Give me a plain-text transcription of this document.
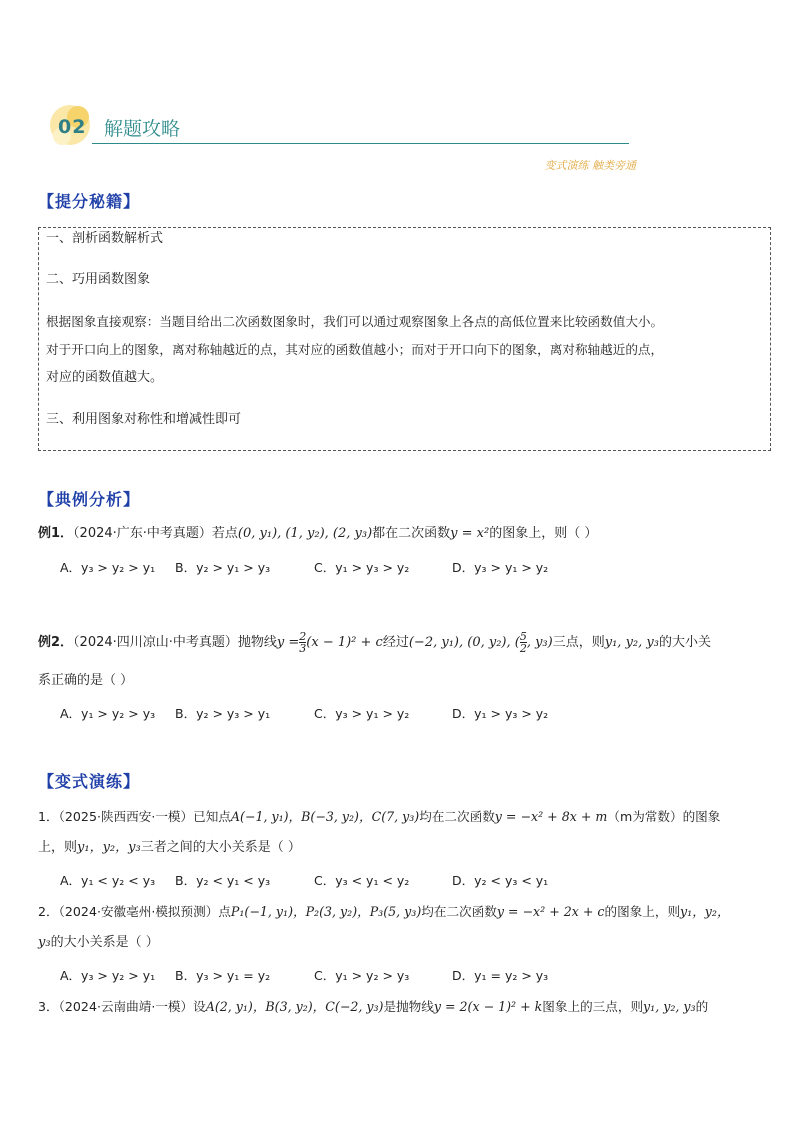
02 解题攻略
变式演练 触类旁通
【提分秘籍】
一、剖析函数解析式
二、巧用函数图象
根据图象直接观察：当题目给出二次函数图象时，我们可以通过观察图象上各点的高低位置来比较函数值大小。
对于开口向上的图象，离对称轴越近的点，其对应的函数值越小；而对于开口向下的图象，离对称轴越近的点，
对应的函数值越大。
三、利用图象对称性和增减性即可
【典例分析】
例1．（2024·广东·中考真题）若点(0, y₁), (1, y₂), (2, y₃)都在二次函数y = x²的图象上，则（ ）
A．y₃ > y₂ > y₁ B．y₂ > y₁ > y₃	C．y₁ > y₃ > y₂	D．y₃ > y₁ > y₂
例2．（2024·四川凉山·中考真题）抛物线$y = \frac{2}{3} (x - 1)^2 + c$经过(−2, y₁), (0, y₂), ( $\frac{5}{2}$ , y₃)三点，则y₁, y₂, y₃的大小关
系正确的是（ ）
A．y₁ > y₂ > y₃ B．y₂ > y₃ > y₁	C．y₃ > y₁ > y₂	D．y₁ > y₃ > y₂
【变式演练】
1．（2025·陕西西安·一模）已知点A(−1, y₁)，B(−3, y₂)，C(7, y₃)均在二次函数y = −x² + 8x + m（m为常数）的图象
上，则y₁，y₂，y₃三者之间的大小关系是（ ）
A．y₁ < y₂ < y₃ B．y₂ < y₁ < y₃	C．y₃ < y₁ < y₂	D．y₂ < y₃ < y₁
2．（2024·安徽亳州·模拟预测）点P₁(−1, y₁)，P₂(3, y₂)，P₃(5, y₃)均在二次函数y = −x² + 2x + c的图象上，则y₁，y₂，
y₃的大小关系是（ ）
A．y₃ > y₂ > y₁ B．y₃ > y₁ = y₂	C．y₁ > y₂ > y₃	D．y₁ = y₂ > y₃
3．（2024·云南曲靖·一模）设A(2, y₁)，B(3, y₂)，C(−2, y₃)是抛物线y = 2(x − 1)² + k图象上的三点，则y₁, y₂, y₃的
